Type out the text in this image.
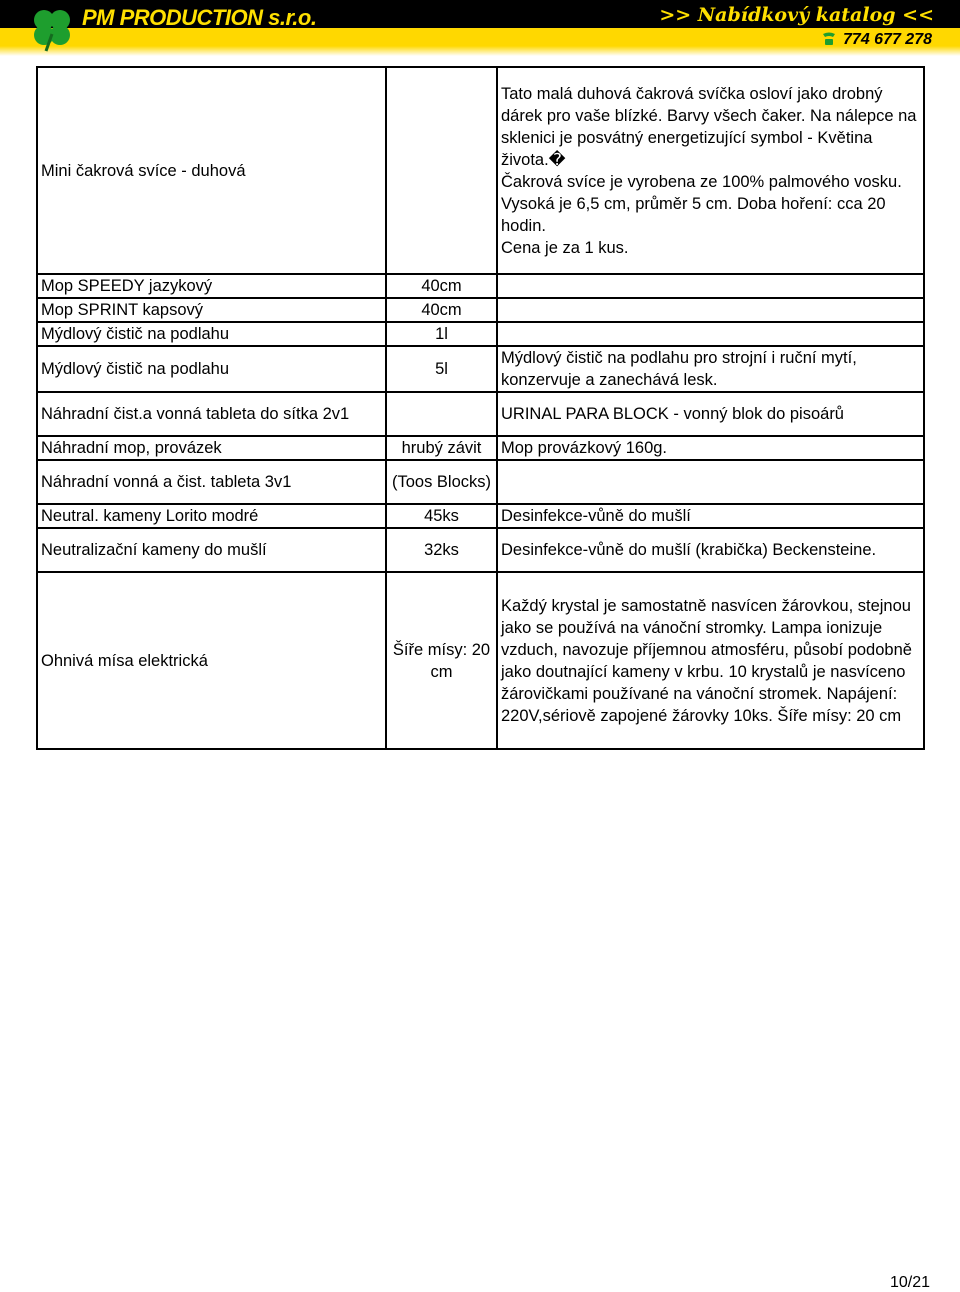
PM PRODUCTION s.r.o.	>> Nabídkový katalog <<
774 677 278
Mini čakrová svíce - duhová		Tato malá duhová čakrová svíčka osloví jako drobný dárek pro vaše blízké. Barvy všech čaker. Na nálepce na sklenici je posvátný energetizující symbol - Květina života.�
Čakrová svíce je vyrobena ze 100% palmového vosku.
Vysoká je 6,5 cm, průměr 5 cm. Doba hoření: cca 20 hodin.
Cena je za 1 kus.

Mop SPEEDY jazykový	40cm	
Mop SPRINT kapsový	40cm	
Mýdlový čistič na podlahu	1l	
Mýdlový čistič na podlahu	5l	Mýdlový čistič na podlahu pro strojní i ruční mytí, konzervuje a zanechává lesk.
Náhradní čist.a vonná tableta do sítka 2v1		URINAL PARA BLOCK - vonný blok do pisoárů
Náhradní mop, provázek	hrubý závit	Mop provázkový 160g.
Náhradní vonná a čist. tableta 3v1	(Toos Blocks)	
Neutral. kameny Lorito modré	45ks	Desinfekce-vůně do mušlí
Neutralizační kameny do mušlí	32ks	Desinfekce-vůně do mušlí (krabička) Beckensteine.
Ohnivá mísa elektrická	Šíře mísy: 20 cm	Každý krystal je samostatně nasvícen žárovkou, stejnou jako se používá na vánoční stromky. Lampa ionizuje vzduch, navozuje příjemnou atmosféru, působí podobně jako doutnající kameny v krbu. 10 krystalů je nasvíceno žárovičkami používané na vánoční stromek. Napájení: 220V,sériově zapojené žárovky 10ks. Šíře mísy: 20 cm
10/21
